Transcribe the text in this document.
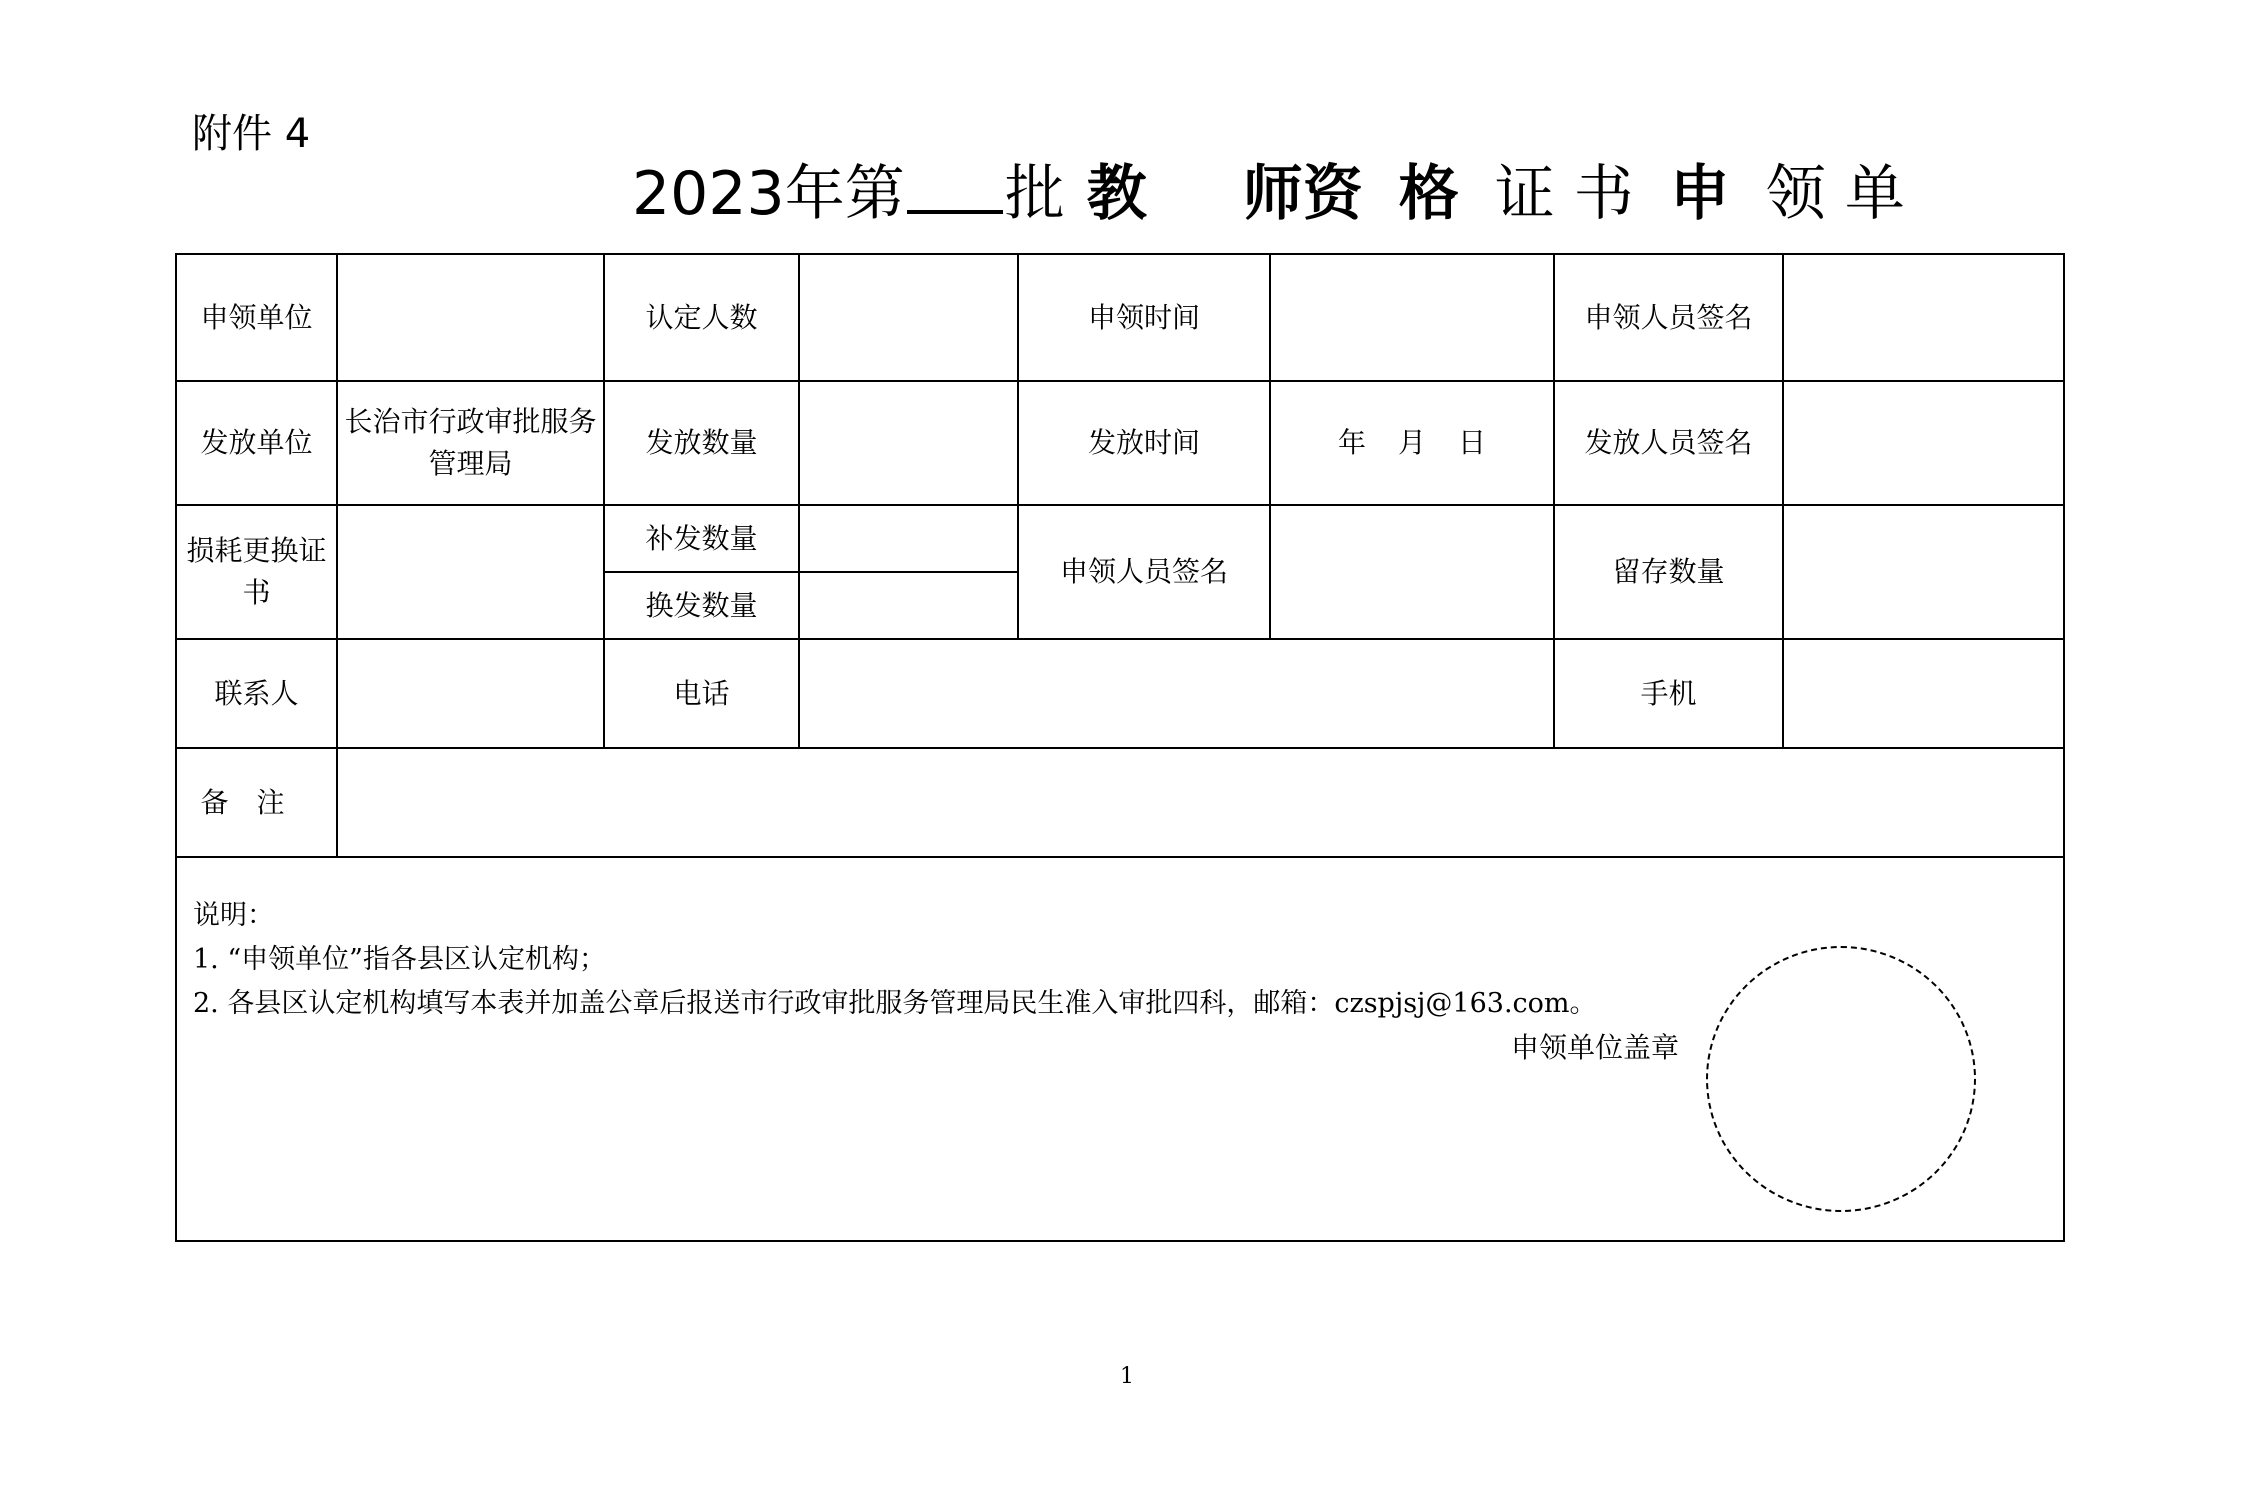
附件 4
2023年第 批 教 师资 格 证 书 申 领 单
申领单位		认定人数		申领时间		申领人员签名	
发放单位	长治市行政审批服务管理局	发放数量		发放时间	年 月 日	发放人员签名	
损耗更换证书		补发数量		申领人员签名		留存数量	
		换发数量					
联系人		电话				手机	
备注							

说明：
1. “申领单位”指各县区认定机构；
2. 各县区认定机构填写本表并加盖公章后报送市行政审批服务管理局民生准入审批四科，邮箱：czspjsj@163.com。
申领单位盖章							
1
